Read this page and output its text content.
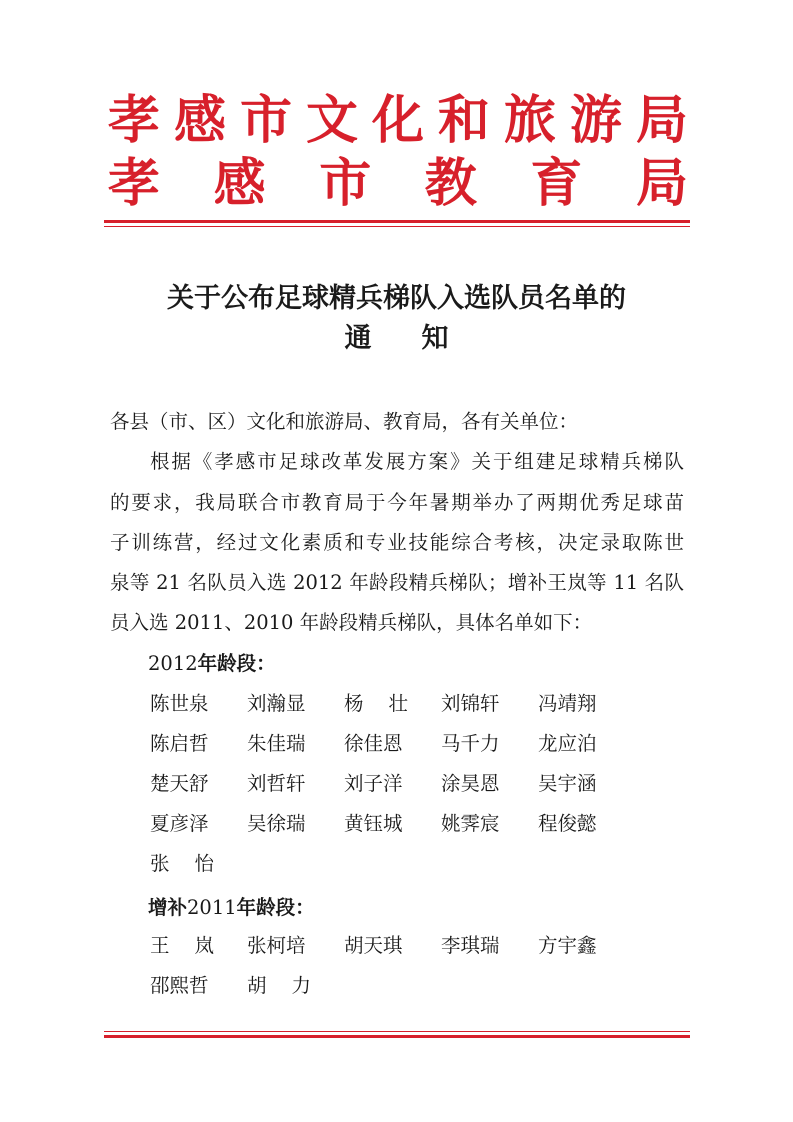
孝 感 市 文 化 和 旅 游 局
孝 感 市 教 育 局
关于公布足球精兵梯队入选队员名单的
通 知

各县（市、区）文化和旅游局、教育局，各有关单位：

根据《孝感市足球改革发展方案》关于组建足球精兵梯队

的要求，我局联合市教育局于今年暑期举办了两期优秀足球苗

子训练营，经过文化素质和专业技能综合考核，决定录取陈世

泉等 21 名队员入选 2012 年龄段精兵梯队；增补王岚等 11 名队

员入选 2011、2010 年龄段精兵梯队，具体名单如下：

2012年龄段：

陈世泉 刘瀚显 杨 壮 刘锦轩 冯靖翔
陈启哲 朱佳瑞 徐佳恩 马千力 龙应泊
楚天舒 刘哲轩 刘子洋 涂昊恩 吴宇涵
夏彦泽 吴徐瑞 黄钰城 姚霁宸 程俊懿
张 怡

增补2011年龄段：

王 岚 张柯培 胡天琪 李琪瑞 方宇鑫
邵熙哲 胡 力
